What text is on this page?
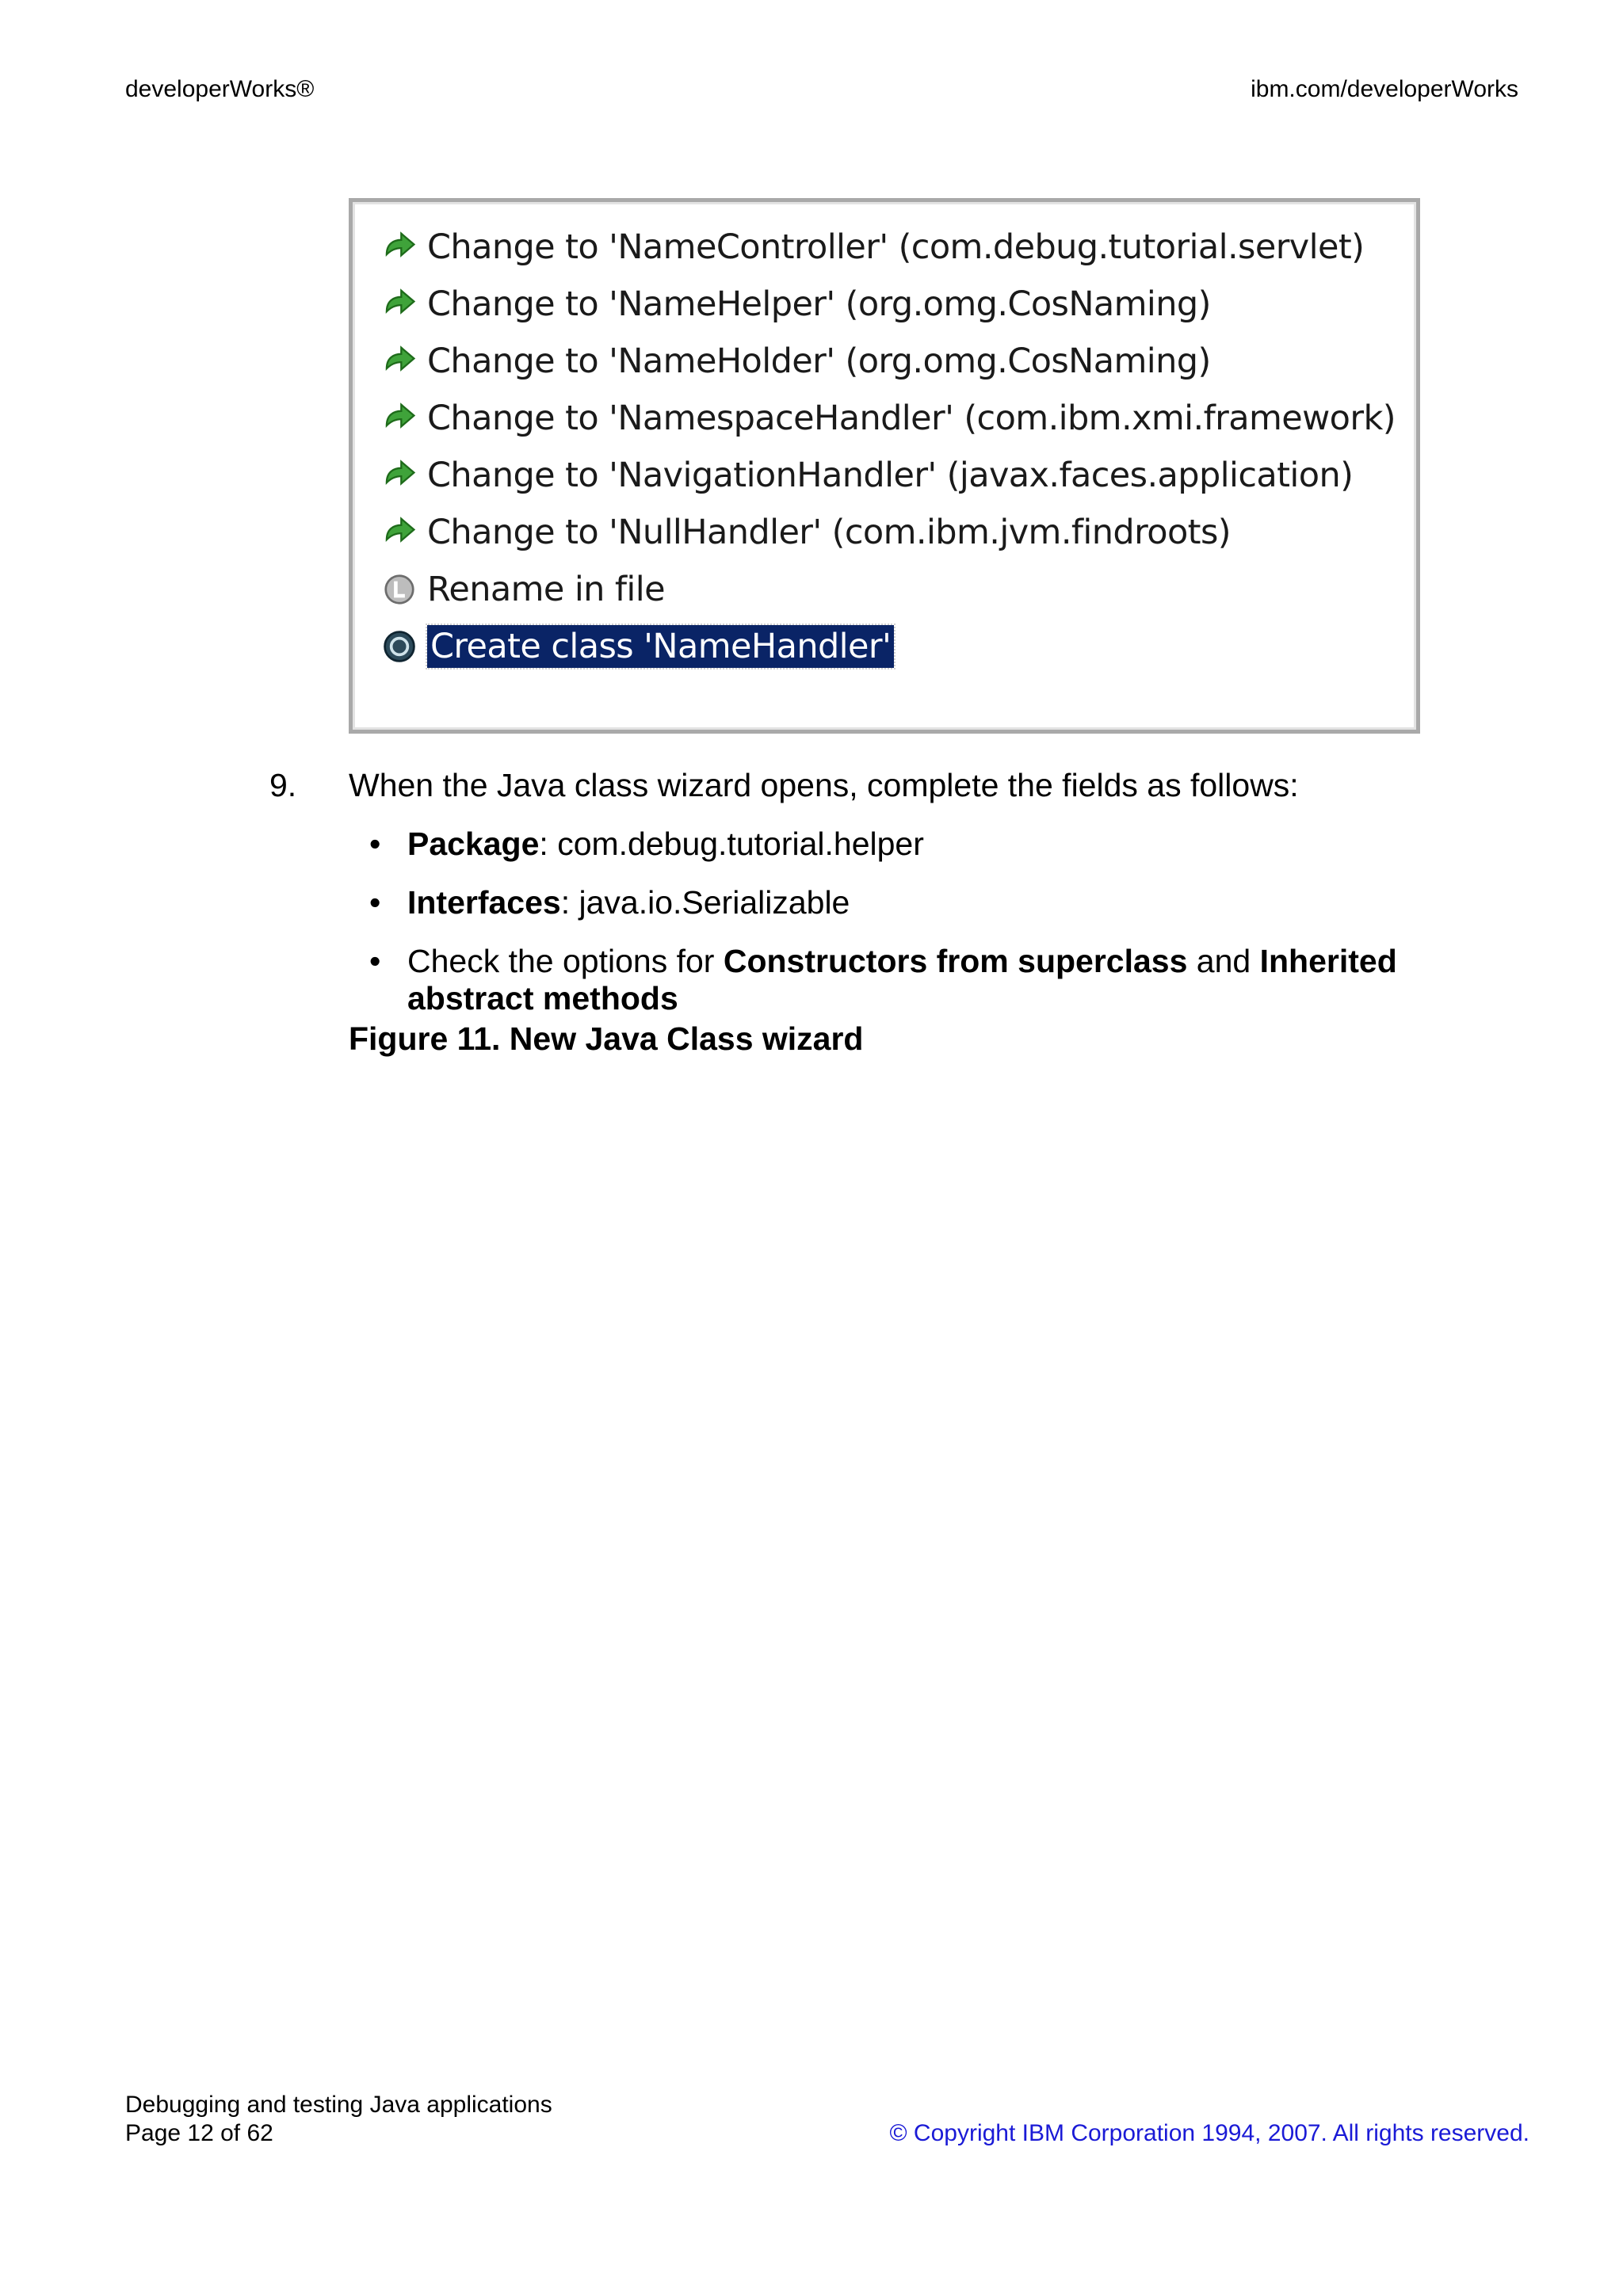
developerWorks®	ibm.com/developerWorks
Change to 'NameController' (com.debug.tutorial.servlet)
Change to 'NameHelper' (org.omg.CosNaming)
Change to 'NameHolder' (org.omg.CosNaming)
Change to 'NamespaceHandler' (com.ibm.xmi.framework)
Change to 'NavigationHandler' (javax.faces.application)
Change to 'NullHandler' (com.ibm.jvm.findroots)
Rename in file
Create class 'NameHandler'
9. When the Java class wizard opens, complete the fields as follows:
• Package: com.debug.tutorial.helper
• Interfaces: java.io.Serializable
• Check the options for Constructors from superclass and Inherited abstract methods
Figure 11. New Java Class wizard
Debugging and testing Java applications
Page 12 of 62	© Copyright IBM Corporation 1994, 2007. All rights reserved.
